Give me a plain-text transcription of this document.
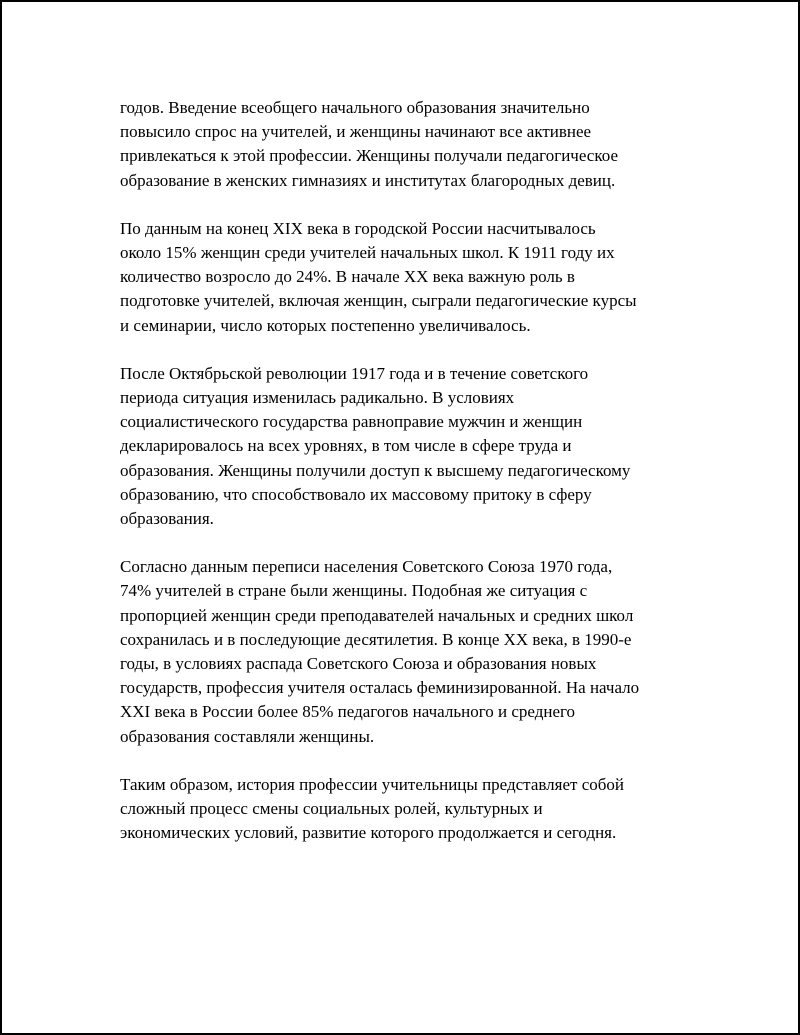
годов. Введение всеобщего начального образования значительно
повысило спрос на учителей, и женщины начинают все активнее
привлекаться к этой профессии. Женщины получали педагогическое
образование в женских гимназиях и институтах благородных девиц.

По данным на конец XIX века в городской России насчитывалось
около 15% женщин среди учителей начальных школ. К 1911 году их
количество возросло до 24%. В начале XX века важную роль в
подготовке учителей, включая женщин, сыграли педагогические курсы
и семинарии, число которых постепенно увеличивалось.

После Октябрьской революции 1917 года и в течение советского
периода ситуация изменилась радикально. В условиях
социалистического государства равноправие мужчин и женщин
декларировалось на всех уровнях, в том числе в сфере труда и
образования. Женщины получили доступ к высшему педагогическому
образованию, что способствовало их массовому притоку в сферу
образования.

Согласно данным переписи населения Советского Союза 1970 года,
74% учителей в стране были женщины. Подобная же ситуация с
пропорцией женщин среди преподавателей начальных и средних школ
сохранилась и в последующие десятилетия. В конце XX века, в 1990-е
годы, в условиях распада Советского Союза и образования новых
государств, профессия учителя осталась феминизированной. На начало
XXI века в России более 85% педагогов начального и среднего
образования составляли женщины.

Таким образом, история профессии учительницы представляет собой
сложный процесс смены социальных ролей, культурных и
экономических условий, развитие которого продолжается и сегодня.
